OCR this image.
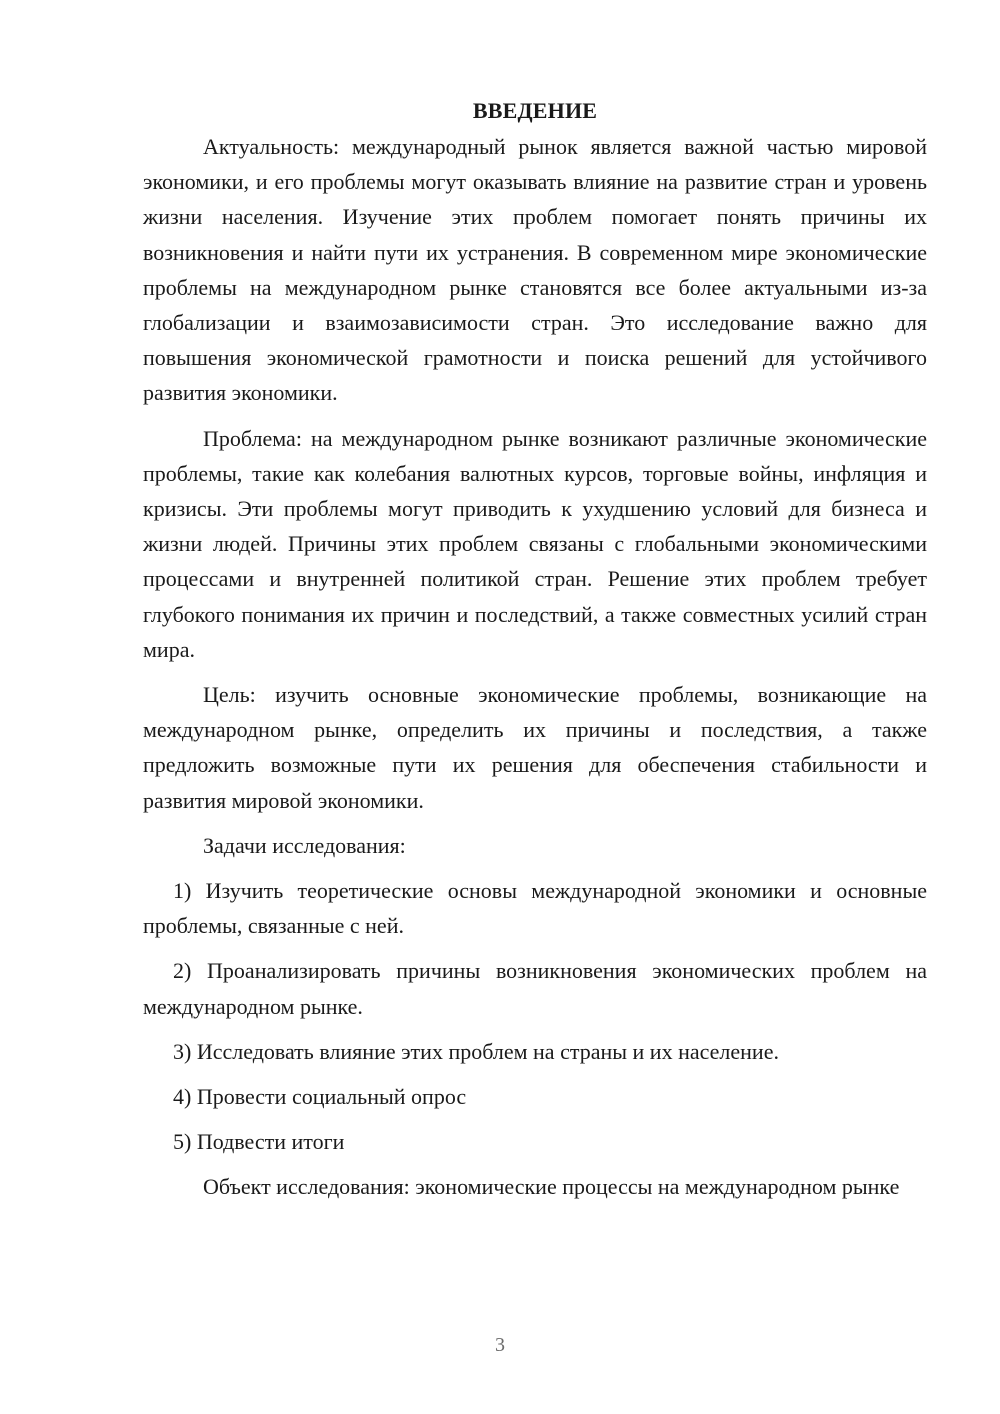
ВВЕДЕНИЕ

Актуальность: международный рынок является важной частью мировой экономики, и его проблемы могут оказывать влияние на развитие стран и уровень жизни населения. Изучение этих проблем помогает понять причины их возникновения и найти пути их устранения. В современном мире экономические проблемы на международном рынке становятся все более актуальными из-за глобализации и взаимозависимости стран. Это исследование важно для повышения экономической грамотности и поиска решений для устойчивого развития экономики.

Проблема: на международном рынке возникают различные экономические проблемы, такие как колебания валютных курсов, торговые войны, инфляция и кризисы. Эти проблемы могут приводить к ухудшению условий для бизнеса и жизни людей. Причины этих проблем связаны с глобальными экономическими процессами и внутренней политикой стран. Решение этих проблем требует глубокого понимания их причин и последствий, а также совместных усилий стран мира.

Цель: изучить основные экономические проблемы, возникающие на международном рынке, определить их причины и последствия, а также предложить возможные пути их решения для обеспечения стабильности и развития мировой экономики.

Задачи исследования:

1) Изучить теоретические основы международной экономики и основные проблемы, связанные с ней.

2) Проанализировать причины возникновения экономических проблем на международном рынке.

3) Исследовать влияние этих проблем на страны и их население.

4) Провести социальный опрос

5) Подвести итоги

Объект исследования: экономические процессы на международном рынке

3
